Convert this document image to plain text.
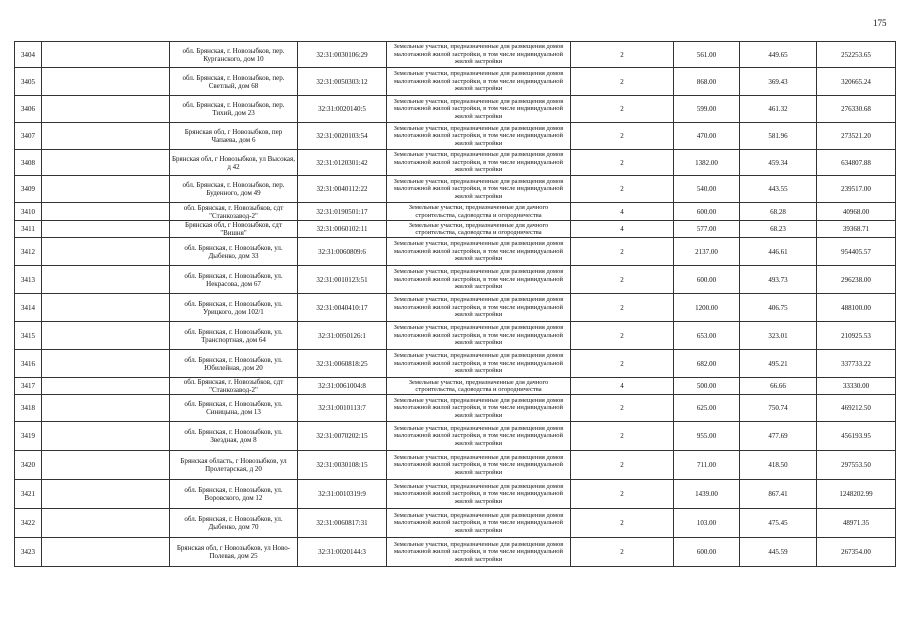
175
3404		обл. Брянская, г. Новозыбков, пер. Курганского, дом 10	32:31:0030106:29	Земельные участки, предназначенные для размещения домов малоэтажной жилой застройки, в том числе индивидуальной жилой застройки	2	561.00	449.65	252253.65
3405		обл. Брянская, г. Новозыбков, пер. Светлый, дом 68	32:31:0050303:12	Земельные участки, предназначенные для размещения домов малоэтажной жилой застройки, в том числе индивидуальной жилой застройки	2	868.00	369.43	320665.24
3406		обл. Брянская, г. Новозыбков, пер. Тихий, дом 23	32:31:0020140:5	Земельные участки, предназначенные для размещения домов малоэтажной жилой застройки, в том числе индивидуальной жилой застройки	2	599.00	461.32	276330.68
3407		Брянская обл, г Новозыбков, пер Чапаева, дом 6	32:31:0020103:54	Земельные участки, предназначенные для размещения домов малоэтажной жилой застройки, в том числе индивидуальной жилой застройки	2	470.00	581.96	273521.20
3408		Брянская обл, г Новозыбков, ул Высокая, д 42	32:31:0120301:42	Земельные участки, предназначенные для размещения домов малоэтажной жилой застройки, в том числе индивидуальной жилой застройки	2	1382.00	459.34	634807.88
3409		обл. Брянская, г. Новозыбков, пер. Буденного, дом 49	32:31:0040112:22	Земельные участки, предназначенные для размещения домов малоэтажной жилой застройки, в том числе индивидуальной жилой застройки	2	540.00	443.55	239517.00
3410		обл. Брянская, г. Новозыбков, сдт "Станкозавод-2"	32:31:0190501:17	Земельные участки, предназначенные для дачного строительства, садоводства и огородничества	4	600.00	68.28	40968.00
3411		Брянская обл, г Новозыбков, сдт "Вишня"	32:31:0060102:11	Земельные участки, предназначенные для дачного строительства, садоводства и огородничества	4	577.00	68.23	39368.71
3412		обл. Брянская, г. Новозыбков, ул. Дыбенко, дом 33	32:31:0060809:6	Земельные участки, предназначенные для размещения домов малоэтажной жилой застройки, в том числе индивидуальной жилой застройки	2	2137.00	446.61	954405.57
3413		обл. Брянская, г. Новозыбков, ул. Некрасова, дом 67	32:31:0010123:51	Земельные участки, предназначенные для размещения домов малоэтажной жилой застройки, в том числе индивидуальной жилой застройки	2	600.00	493.73	296238.00
3414		обл. Брянская, г. Новозыбков, ул. Урицкого, дом 102/1	32:31:0040410:17	Земельные участки, предназначенные для размещения домов малоэтажной жилой застройки, в том числе индивидуальной жилой застройки	2	1200.00	406.75	488100.00
3415		обл. Брянская, г. Новозыбков, ул. Транспортная, дом 64	32:31:0050126:1	Земельные участки, предназначенные для размещения домов малоэтажной жилой застройки, в том числе индивидуальной жилой застройки	2	653.00	323.01	210925.53
3416		обл. Брянская, г. Новозыбков, ул. Юбилейная, дом 20	32:31:0060818:25	Земельные участки, предназначенные для размещения домов малоэтажной жилой застройки, в том числе индивидуальной жилой застройки	2	682.00	495.21	337733.22
3417		обл. Брянская, г. Новозыбков, сдт "Станкозавод-2"	32:31:0061004:8	Земельные участки, предназначенные для дачного строительства, садоводства и огородничества	4	500.00	66.66	33330.00
3418		обл. Брянская, г. Новозыбков, ул. Синицына, дом 13	32:31:0010113:7	Земельные участки, предназначенные для размещения домов малоэтажной жилой застройки, в том числе индивидуальной жилой застройки	2	625.00	750.74	469212.50
3419		обл. Брянская, г. Новозыбков, ул. Звездная, дом 8	32:31:0070202:15	Земельные участки, предназначенные для размещения домов малоэтажной жилой застройки, в том числе индивидуальной жилой застройки	2	955.00	477.69	456193.95
3420		Брянская область, г Новозыбков, ул Пролетарская, д 20	32:31:0030108:15	Земельные участки, предназначенные для размещения домов малоэтажной жилой застройки, в том числе индивидуальной жилой застройки	2	711.00	418.50	297553.50
3421		обл. Брянская, г. Новозыбков, ул. Воровского, дом 12	32:31:0010319:9	Земельные участки, предназначенные для размещения домов малоэтажной жилой застройки, в том числе индивидуальной жилой застройки	2	1439.00	867.41	1248202.99
3422		обл. Брянская, г. Новозыбков, ул. Дыбенко, дом 70	32:31:0060817:31	Земельные участки, предназначенные для размещения домов малоэтажной жилой застройки, в том числе индивидуальной жилой застройки	2	103.00	475.45	48971.35
3423		Брянская обл, г Новозыбков, ул Ново-Полевая, дом 25	32:31:0020144:3	Земельные участки, предназначенные для размещения домов малоэтажной жилой застройки, в том числе индивидуальной жилой застройки	2	600.00	445.59	267354.00
